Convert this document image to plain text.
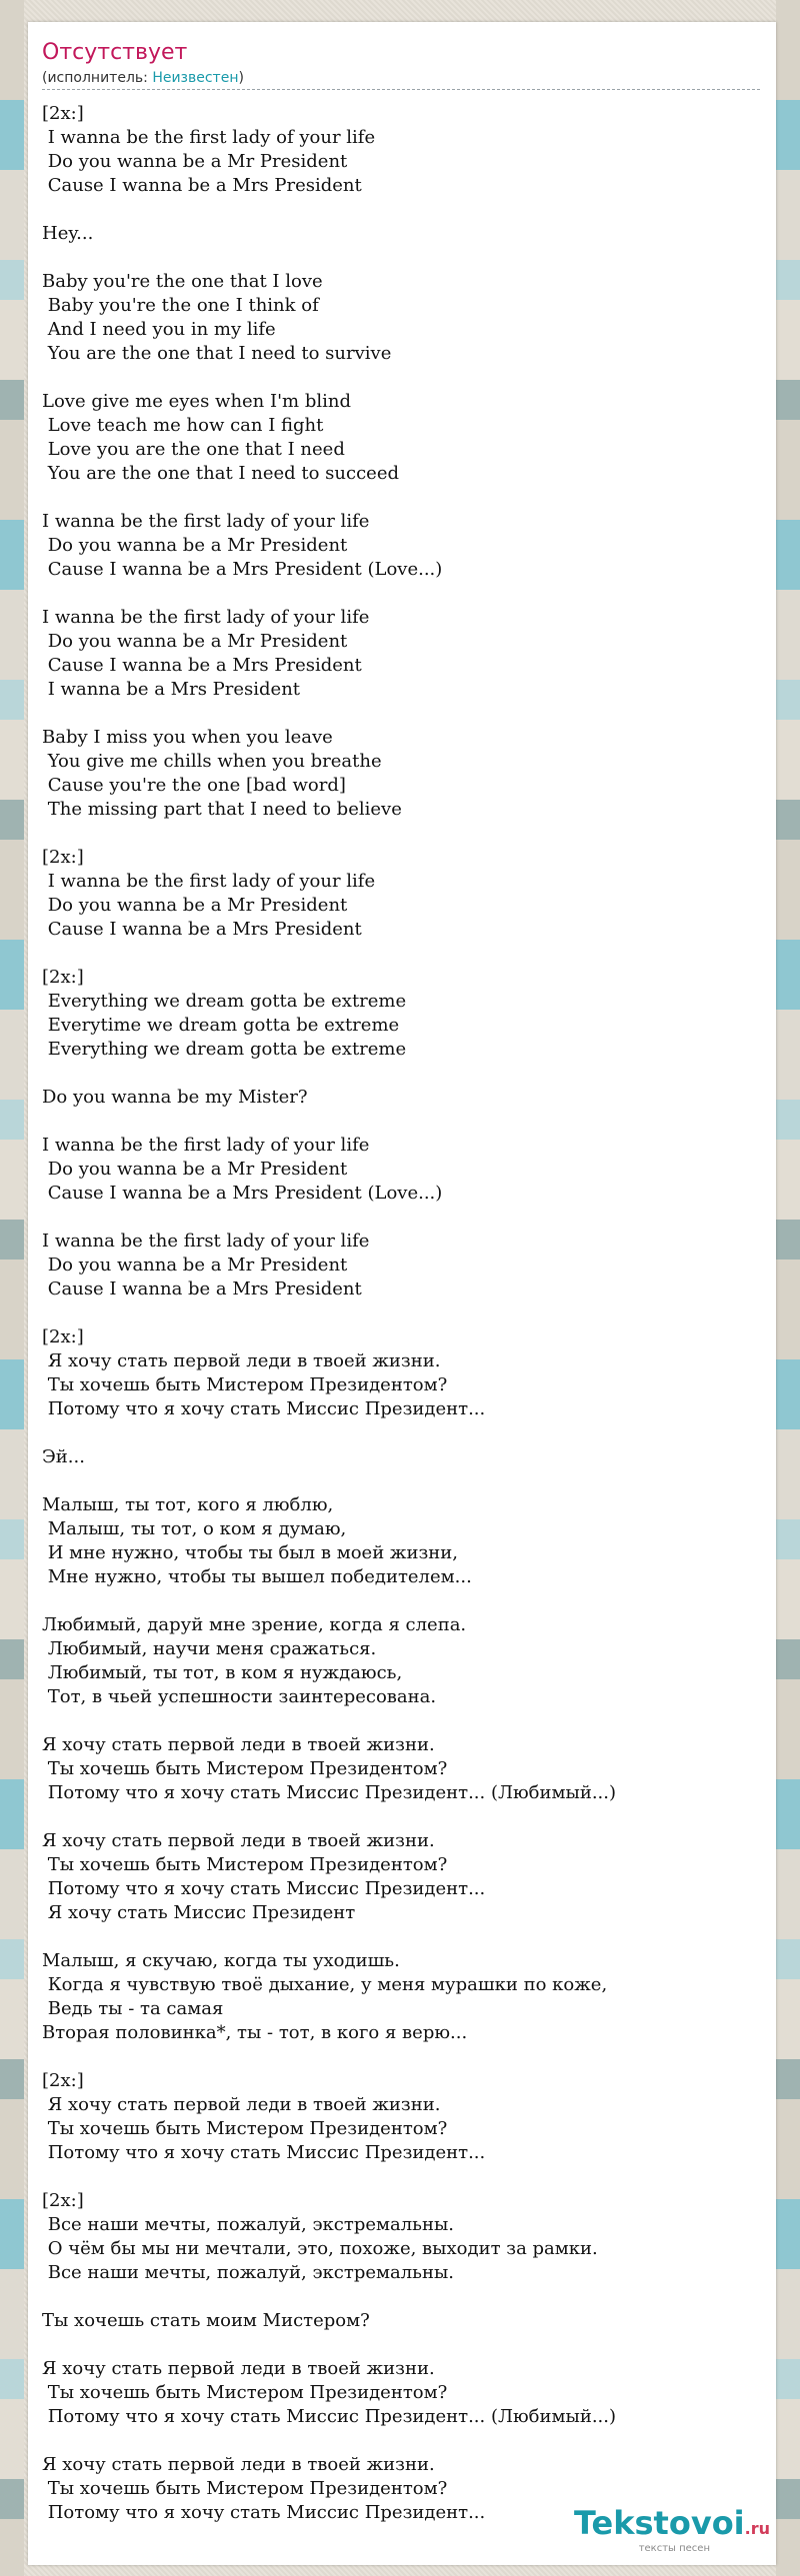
Отсутствует
(исполнитель: Неизвестен)
[2x:]
I wanna be the first lady of your life
Do you wanna be a Mr President
Cause I wanna be a Mrs President
Hey...
Baby you're the one that I love
Baby you're the one I think of
And I need you in my life
You are the one that I need to survive
Love give me eyes when I'm blind
Love teach me how can I fight
Love you are the one that I need
You are the one that I need to succeed
I wanna be the first lady of your life
Do you wanna be a Mr President
Cause I wanna be a Mrs President (Love...)
I wanna be the first lady of your life
Do you wanna be a Mr President
Cause I wanna be a Mrs President
I wanna be a Mrs President
Baby I miss you when you leave
You give me chills when you breathe
Cause you're the one [bad word]
The missing part that I need to believe
[2x:]
I wanna be the first lady of your life
Do you wanna be a Mr President
Cause I wanna be a Mrs President
[2x:]
Everything we dream gotta be extreme
Everytime we dream gotta be extreme
Everything we dream gotta be extreme
Do you wanna be my Mister?
I wanna be the first lady of your life
Do you wanna be a Mr President
Cause I wanna be a Mrs President (Love...)
I wanna be the first lady of your life
Do you wanna be a Mr President
Cause I wanna be a Mrs President
[2x:]
Я хочу стать первой леди в твоей жизни.
Ты хочешь быть Мистером Президентом?
Потому что я хочу стать Миссис Президент...
Эй...
Малыш, ты тот, кого я люблю,
Малыш, ты тот, о ком я думаю,
И мне нужно, чтобы ты был в моей жизни,
Мне нужно, чтобы ты вышел победителем...
Любимый, даруй мне зрение, когда я слепа.
Любимый, научи меня сражаться.
Любимый, ты тот, в ком я нуждаюсь,
Тот, в чьей успешности заинтересована.
Я хочу стать первой леди в твоей жизни.
Ты хочешь быть Мистером Президентом?
Потому что я хочу стать Миссис Президент... (Любимый...)
Я хочу стать первой леди в твоей жизни.
Ты хочешь быть Мистером Президентом?
Потому что я хочу стать Миссис Президент...
Я хочу стать Миссис Президент
Малыш, я скучаю, когда ты уходишь.
Когда я чувствую твоё дыхание, у меня мурашки по коже,
Ведь ты - та самая
Вторая половинка*, ты - тот, в кого я верю...
[2x:]
Я хочу стать первой леди в твоей жизни.
Ты хочешь быть Мистером Президентом?
Потому что я хочу стать Миссис Президент...
[2x:]
Все наши мечты, пожалуй, экстремальны.
О чём бы мы ни мечтали, это, похоже, выходит за рамки.
Все наши мечты, пожалуй, экстремальны.
Ты хочешь стать моим Мистером?
Я хочу стать первой леди в твоей жизни.
Ты хочешь быть Мистером Президентом?
Потому что я хочу стать Миссис Президент... (Любимый...)
Я хочу стать первой леди в твоей жизни.
Ты хочешь быть Мистером Президентом?
Потому что я хочу стать Миссис Президент...	Tekstovoi.ru
тексты песен
